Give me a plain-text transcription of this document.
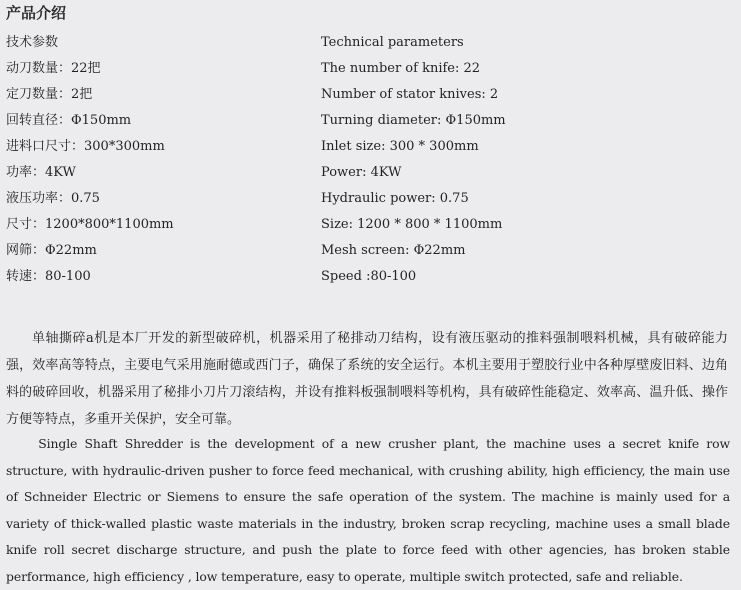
产品介绍
技术参数	Technical parameters
动刀数量：22把	The number of knife: 22
定刀数量：2把	Number of stator knives: 2
回转直径：Φ150mm	Turning diameter: Φ150mm
进料口尺寸：300*300mm	Inlet size: 300 * 300mm
功率：4KW	Power: 4KW
液压功率：0.75	Hydraulic power: 0.75
尺寸：1200*800*1100mm	Size: 1200 * 800 * 1100mm
网筛：Φ22mm	Mesh screen: Φ22mm
转速：80-100	Speed :80-100

单轴撕碎a机是本厂开发的新型破碎机，机器采用了秘排动刀结构，设有液压驱动的推料强制喂料机械，具有破碎能力强，效率高等特点，主要电气采用施耐德或西门子，确保了系统的安全运行。本机主要用于塑胶行业中各种厚壁废旧料、边角料的破碎回收，机器采用了秘排小刀片刀滚结构，并设有推料板强制喂料等机构，具有破碎性能稳定、效率高、温升低、操作方便等特点，多重开关保护，安全可靠。

Single Shaft Shredder is the development of a new crusher plant, the machine uses a secret knife row structure, with hydraulic-driven pusher to force feed mechanical, with crushing ability, high efficiency, the main use of Schneider Electric or Siemens to ensure the safe operation of the system. The machine is mainly used for a variety of thick-walled plastic waste materials in the industry, broken scrap recycling, machine uses a small blade knife roll secret discharge structure, and push the plate to force feed with other agencies, has broken stable performance, high efficiency , low temperature, easy to operate, multiple switch protected, safe and reliable.
